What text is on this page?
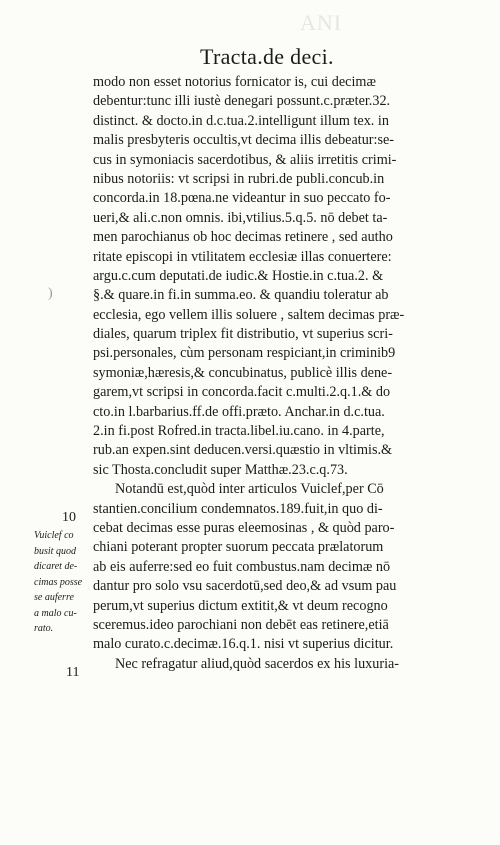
ANI
Tracta.de deci.
)
modo non esset notorius fornicator is, cui decimæ
debentur:tunc illi iustè denegari possunt.c.præter.32.
distinct. & docto.in d.c.tua.2.intelligunt illum tex. in
malis presbyteris occultis,vt decima illis debeatur:se-
cus in symoniacis sacerdotibus, & aliis irretitis crimi-
nibus notoriis: vt scripsi in rubri.de publi.concub.in
concorda.in 18.pœna.ne videantur in suo peccato fo-
ueri,& ali.c.non omnis. ibi,vtilius.5.q.5. nō debet ta-
men parochianus ob hoc decimas retinere , sed autho
ritate episcopi in vtilitatem ecclesiæ illas conuertere:
argu.c.cum deputati.de iudic.& Hostie.in c.tua.2. &
§.& quare.in fi.in summa.eo. & quandiu toleratur ab
ecclesia, ego vellem illis soluere , saltem decimas præ-
diales, quarum triplex fit distributio, vt superius scri-
psi.personales, cùm personam respiciant,in criminib9
symoniæ,hæresis,& concubinatus, publicè illis dene-
garem,vt scripsi in concorda.facit c.multi.2.q.1.& do
cto.in l.barbarius.ff.de offi.præto. Anchar.in d.c.tua.
2.in fi.post Rofred.in tracta.libel.iu.cano. in 4.parte,
rub.an expen.sint deducen.versi.quæstio in vltimis.&
sic Thosta.concludit super Matthæ.23.c.q.73.
Notandū est,quòd inter articulos Vuiclef,per Cō
stantien.concilium condemnatos.189.fuit,in quo di-
cebat decimas esse puras eleemosinas , & quòd paro-
chiani poterant propter suorum peccata prælatorum
ab eis auferre:sed eo fuit combustus.nam decimæ nō
dantur pro solo vsu sacerdotū,sed deo,& ad vsum pau
perum,vt superius dictum extitit,& vt deum recogno
sceremus.ideo parochiani non debēt eas retinere,etiā
malo curato.c.decimæ.16.q.1. nisi vt superius dicitur.
Nec refragatur aliud,quòd sacerdos ex his luxuria-
10
11
Vuiclef co
busit quod
dicaret de-
cimas posse
se auferre
a malo cu-
rato.
